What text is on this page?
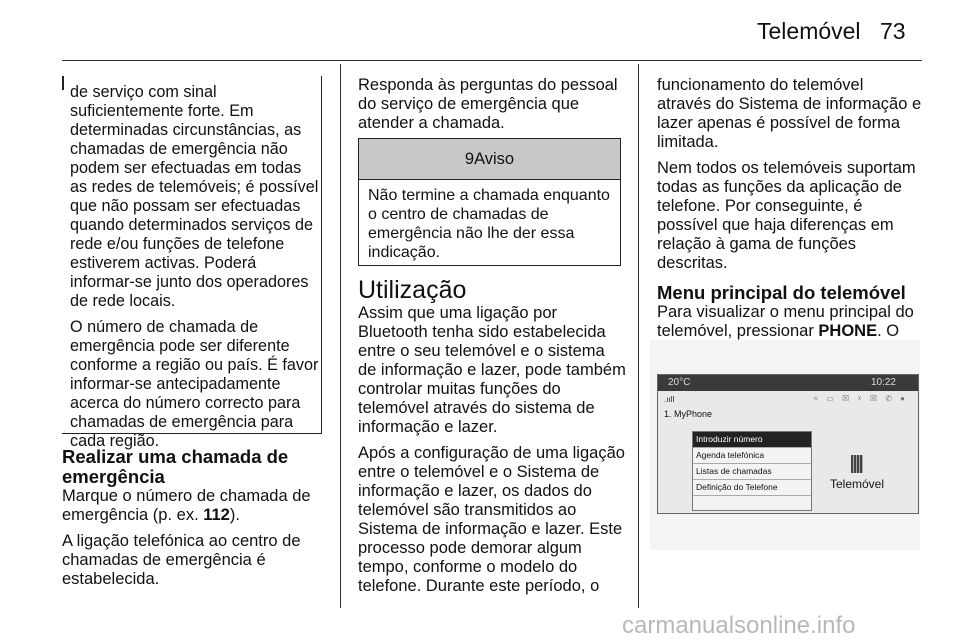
Telemóvel 73

de serviço com sinal suficientemente forte. Em determinadas circunstâncias, as chamadas de emergência não podem ser efectuadas em todas as redes de telemóveis; é possível que não possam ser efectuadas quando determinados serviços de rede e/ou funções de telefone estiverem activas. Poderá informar-se junto dos operadores de rede locais.

O número de chamada de emergência pode ser diferente conforme a região ou país. É favor informar-se antecipadamente acerca do número correcto para chamadas de emergência para cada região.

Realizar uma chamada de emergência

Marque o número de chamada de emergência (p. ex. 112).

A ligação telefónica ao centro de chamadas de emergência é estabelecida.

Responda às perguntas do pessoal do serviço de emergência que atender a chamada.

9Aviso
Não termine a chamada enquanto o centro de chamadas de emergência não lhe der essa indicação.
Utilização

Assim que uma ligação por Bluetooth tenha sido estabelecida entre o seu telemóvel e o sistema de informação e lazer, pode também controlar muitas funções do telemóvel através do sistema de informação e lazer.

Após a configuração de uma ligação entre o telemóvel e o Sistema de informação e lazer, os dados do telemóvel são transmitidos ao Sistema de informação e lazer. Este processo pode demorar algum tempo, conforme o modelo do telefone. Durante este período, o

funcionamento do telemóvel através do Sistema de informação e lazer apenas é possível de forma limitada.

Nem todos os telemóveis suportam todas as funções da aplicação de telefone. Por conseguinte, é possível que haja diferenças em relação à gama de funções descritas.

Menu principal do telemóvel

Para visualizar o menu principal do telemóvel, pressionar PHONE. O

20°C	10:22
.ııll	≈ ▭ ☒ ☓ ☒ ✆ ●
1. MyPhone
Introduzir número
Agenda telefónica
Listas de chamadas
Definição do Telefone	Telemóvel
carmanualsonline.info
